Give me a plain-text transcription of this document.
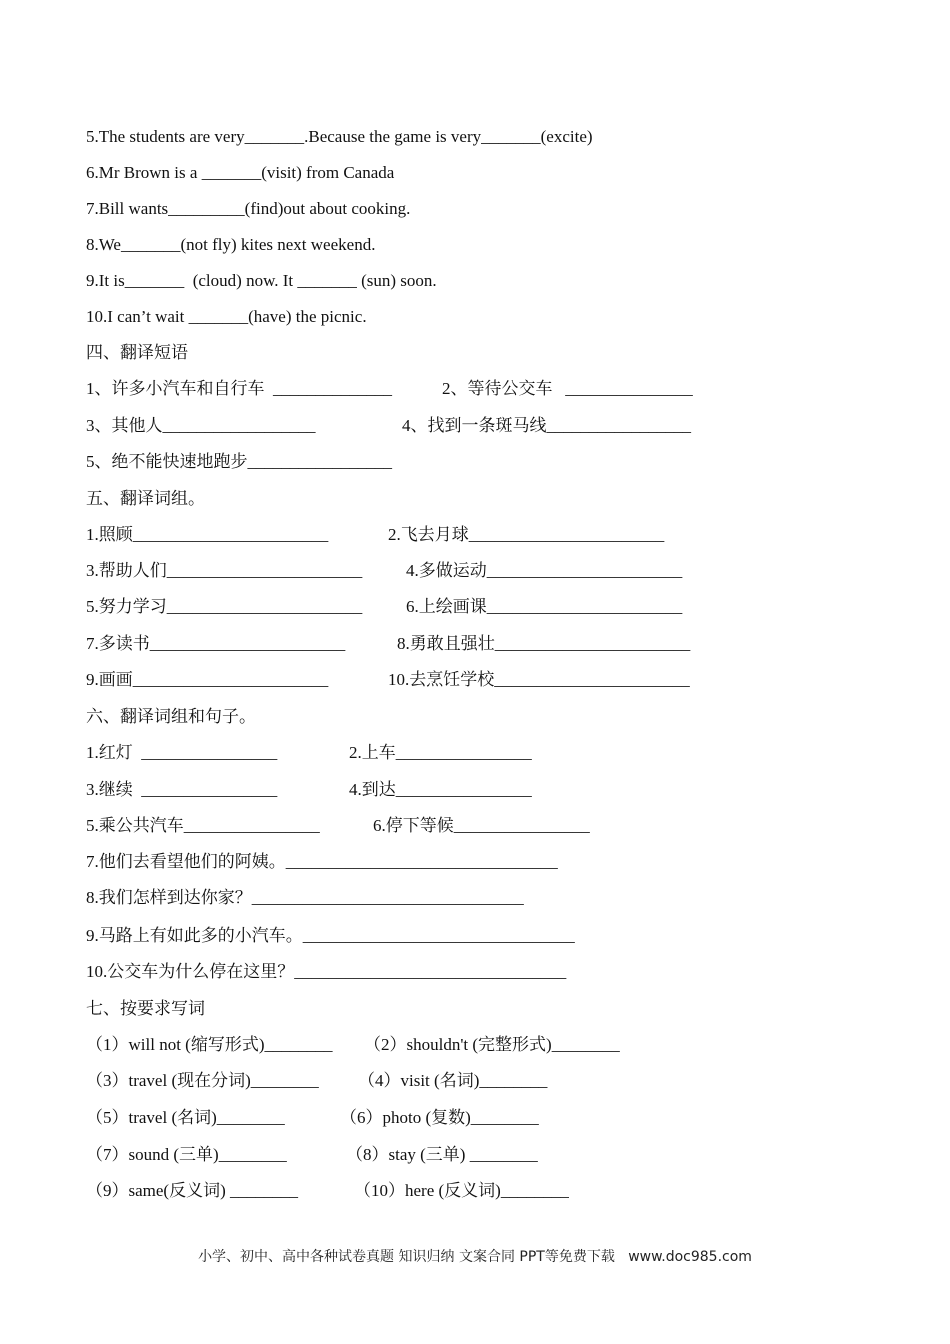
5.The students are very_______.Because the game is very_______(excite)
6.Mr Brown is a _______(visit) from Canada
7.Bill wants_________(find)out about cooking.
8.We_______(not fly) kites next weekend.
9.It is_______  (cloud) now. It _______ (sun) soon.
10.I can’t wait _______(have) the picnic.
四、翻译短语
1、许多小汽车和自行车  ______________	2、等待公交车   _______________
3、其他人__________________	4、找到一条斑马线_________________
5、绝不能快速地跑步_________________
五、翻译词组。
1.照顾_______________________	2.飞去月球_______________________
3.帮助人们_______________________	4.多做运动_______________________
5.努力学习_______________________	6.上绘画课_______________________
7.多读书_______________________	8.勇敢且强壮_______________________
9.画画_______________________	10.去烹饪学校_______________________
六、翻译词组和句子。
1.红灯  ________________	2.上车________________
3.继续  ________________	4.到达________________
5.乘公共汽车________________	6.停下等候________________
7.他们去看望他们的阿姨。________________________________
8.我们怎样到达你家？________________________________
9.马路上有如此多的小汽车。________________________________
10.公交车为什么停在这里？________________________________
七、按要求写词
（1）will not (缩写形式)________ （2）shouldn't (完整形式)________
（3）travel (现在分词)________ （4）visit (名词)________
（5）travel (名词)________	（6）photo (复数)________
（7）sound (三单)________	（8）stay (三单) ________
（9）same(反义词) ________	（10）here (反义词)________
小学、初中、高中各种试卷真题 知识归纳 文案合同 PPT等免费下载   www.doc985.com
